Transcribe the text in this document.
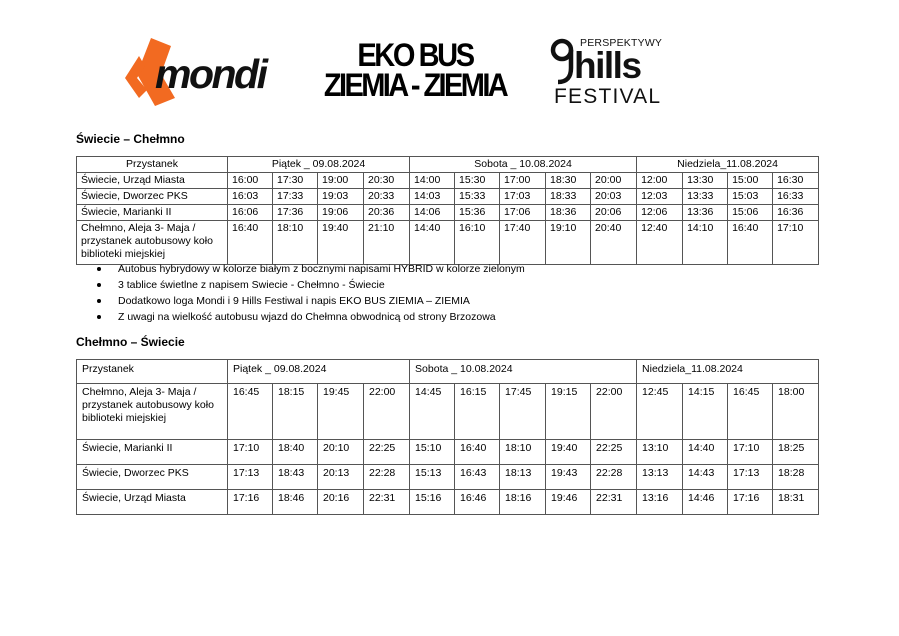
mondi	EKO BUS
ZIEMIA - ZIEMIA
PERSPEKTYWY
hills
FESTIVAL
Świecie – Chełmno
Przystanek	Piątek _ 09.08.2024				Sobota _ 10.08.2024					Niedziela_11.08.2024			
Świecie, Urząd Miasta	16:00	17:30	19:00	20:30	14:00	15:30	17:00	18:30	20:00	12:00	13:30	15:00	16:30
Świecie, Dworzec PKS	16:03	17:33	19:03	20:33	14:03	15:33	17:03	18:33	20:03	12:03	13:33	15:03	16:33
Świecie, Marianki II	16:06	17:36	19:06	20:36	14:06	15:36	17:06	18:36	20:06	12:06	13:36	15:06	16:36
Chełmno, Aleja 3- Maja / przystanek autobusowy koło biblioteki miejskiej	16:40	18:10	19:40	21:10	14:40	16:10	17:40	19:10	20:40	12:40	14:10	16:40	17:10
Autobus hybrydowy w kolorze białym z bocznymi napisami HYBRID w kolorze zielonym
3 tablice świetlne z napisem Swiecie - Chełmno - Świecie
Dodatkowo loga Mondi i 9 Hills Festiwal i napis EKO BUS ZIEMIA – ZIEMIA
Z uwagi na wielkość autobusu wjazd do Chełmna obwodnicą od strony Brzozowa
Chełmno – Świecie
Przystanek	Piątek _ 09.08.2024				Sobota _ 10.08.2024					Niedziela_11.08.2024			
Chełmno, Aleja 3- Maja / przystanek autobusowy koło biblioteki miejskiej	16:45	18:15	19:45	22:00	14:45	16:15	17:45	19:15	22:00	12:45	14:15	16:45	18:00
Świecie, Marianki II	17:10	18:40	20:10	22:25	15:10	16:40	18:10	19:40	22:25	13:10	14:40	17:10	18:25
Świecie, Dworzec PKS	17:13	18:43	20:13	22:28	15:13	16:43	18:13	19:43	22:28	13:13	14:43	17:13	18:28
Świecie, Urząd Miasta	17:16	18:46	20:16	22:31	15:16	16:46	18:16	19:46	22:31	13:16	14:46	17:16	18:31
